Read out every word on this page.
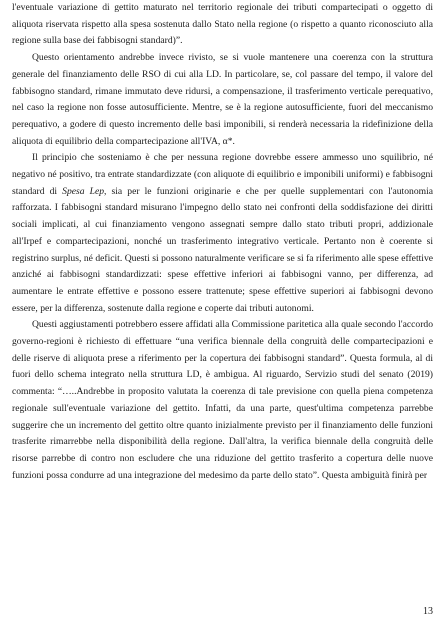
l'eventuale variazione di gettito maturato nel territorio regionale dei tributi compartecipati o oggetto di aliquota riservata rispetto alla spesa sostenuta dallo Stato nella regione (o rispetto a quanto riconosciuto alla regione sulla base dei fabbisogni standard)”.

Questo orientamento andrebbe invece rivisto, se si vuole mantenere una coerenza con la struttura generale del finanziamento delle RSO di cui alla LD. In particolare, se, col passare del tempo, il valore del fabbisogno standard, rimane immutato deve ridursi, a compensazione, il trasferimento verticale perequativo, nel caso la regione non fosse autosufficiente. Mentre, se è la regione autosufficiente, fuori del meccanismo perequativo, a godere di questo incremento delle basi imponibili, si renderà necessaria la ridefinizione della aliquota di equilibrio della compartecipazione all'IVA, α*.

Il principio che sosteniamo è che per nessuna regione dovrebbe essere ammesso uno squilibrio, né negativo né positivo, tra entrate standardizzate (con aliquote di equilibrio e imponibili uniformi) e fabbisogni standard di Spesa Lep, sia per le funzioni originarie e che per quelle supplementari con l'autonomia rafforzata. I fabbisogni standard misurano l'impegno dello stato nei confronti della soddisfazione dei diritti sociali implicati, al cui finanziamento vengono assegnati sempre dallo stato tributi propri, addizionale all'Irpef e compartecipazioni, nonché un trasferimento integrativo verticale. Pertanto non è coerente si registrino surplus, né deficit. Questi si possono naturalmente verificare se si fa riferimento alle spese effettive anziché ai fabbisogni standardizzati: spese effettive inferiori ai fabbisogni vanno, per differenza, ad aumentare le entrate effettive e possono essere trattenute; spese effettive superiori ai fabbisogni devono essere, per la differenza, sostenute dalla regione e coperte dai tributi autonomi.

Questi aggiustamenti potrebbero essere affidati alla Commissione paritetica alla quale secondo l'accordo governo-regioni è richiesto di effettuare “una verifica biennale della congruità delle compartecipazioni e delle riserve di aliquota prese a riferimento per la copertura dei fabbisogni standard”. Questa formula, al di fuori dello schema integrato nella struttura LD, è ambigua. Al riguardo, Servizio studi del senato (2019) commenta: “…..Andrebbe in proposito valutata la coerenza di tale previsione con quella piena competenza regionale sull'eventuale variazione del gettito. Infatti, da una parte, quest'ultima competenza parrebbe suggerire che un incremento del gettito oltre quanto inizialmente previsto per il finanziamento delle funzioni trasferite rimarrebbe nella disponibilità della regione. Dall'altra, la verifica biennale della congruità delle risorse parrebbe di contro non escludere che una riduzione del gettito trasferito a copertura delle nuove funzioni possa condurre ad una integrazione del medesimo da parte dello stato”. Questa ambiguità finirà per

13
